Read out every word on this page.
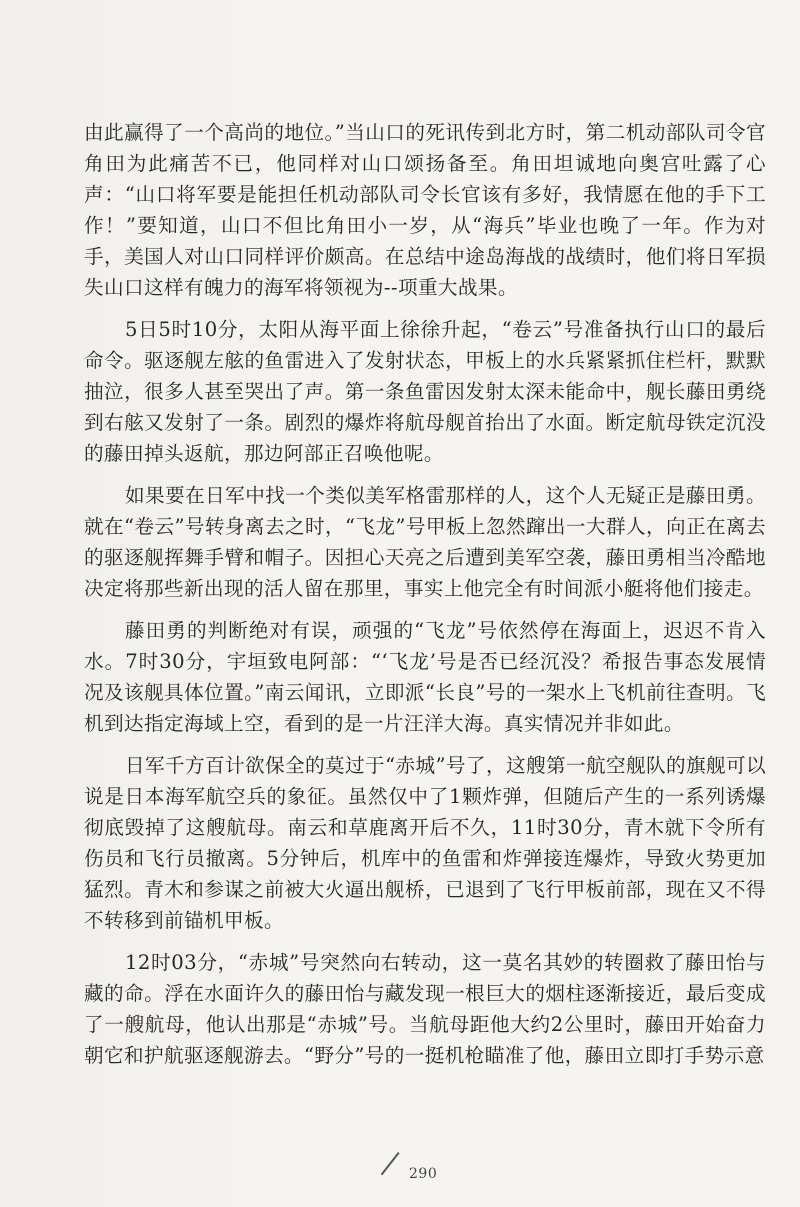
由此赢得了一个高尚的地位。”当山口的死讯传到北方时，第二机动部队司令官角田为此痛苦不已，他同样对山口颂扬备至。角田坦诚地向奥宫吐露了心声：“山口将军要是能担任机动部队司令长官该有多好，我情愿在他的手下工作！”要知道，山口不但比角田小一岁，从“海兵”毕业也晚了一年。作为对手，美国人对山口同样评价颇高。在总结中途岛海战的战绩时，他们将日军损失山口这样有魄力的海军将领视为--项重大战果。

5日5时10分，太阳从海平面上徐徐升起，“卷云”号准备执行山口的最后命令。驱逐舰左舷的鱼雷进入了发射状态，甲板上的水兵紧紧抓住栏杆，默默抽泣，很多人甚至哭出了声。第一条鱼雷因发射太深未能命中，舰长藤田勇绕到右舷又发射了一条。剧烈的爆炸将航母舰首抬出了水面。断定航母铁定沉没的藤田掉头返航，那边阿部正召唤他呢。

如果要在日军中找一个类似美军格雷那样的人，这个人无疑正是藤田勇。就在“卷云”号转身离去之时，“飞龙”号甲板上忽然蹿出一大群人，向正在离去的驱逐舰挥舞手臂和帽子。因担心天亮之后遭到美军空袭，藤田勇相当冷酷地决定将那些新出现的活人留在那里，事实上他完全有时间派小艇将他们接走。

藤田勇的判断绝对有误，顽强的“飞龙”号依然停在海面上，迟迟不肯入水。7时30分，宇垣致电阿部：“‘飞龙’号是否已经沉没？希报告事态发展情况及该舰具体位置。”南云闻讯，立即派“长良”号的一架水上飞机前往查明。飞机到达指定海域上空，看到的是一片汪洋大海。真实情况并非如此。

日军千方百计欲保全的莫过于“赤城”号了，这艘第一航空舰队的旗舰可以说是日本海军航空兵的象征。虽然仅中了1颗炸弹，但随后产生的一系列诱爆彻底毁掉了这艘航母。南云和草鹿离开后不久，11时30分，青木就下令所有伤员和飞行员撤离。5分钟后，机库中的鱼雷和炸弹接连爆炸，导致火势更加猛烈。青木和参谋之前被大火逼出舰桥，已退到了飞行甲板前部，现在又不得不转移到前锚机甲板。

12时03分，“赤城”号突然向右转动，这一莫名其妙的转圈救了藤田怡与藏的命。浮在水面许久的藤田怡与藏发现一根巨大的烟柱逐渐接近，最后变成了一艘航母，他认出那是“赤城”号。当航母距他大约2公里时，藤田开始奋力朝它和护航驱逐舰游去。“野分”号的一挺机枪瞄准了他，藤田立即打手势示意

290
